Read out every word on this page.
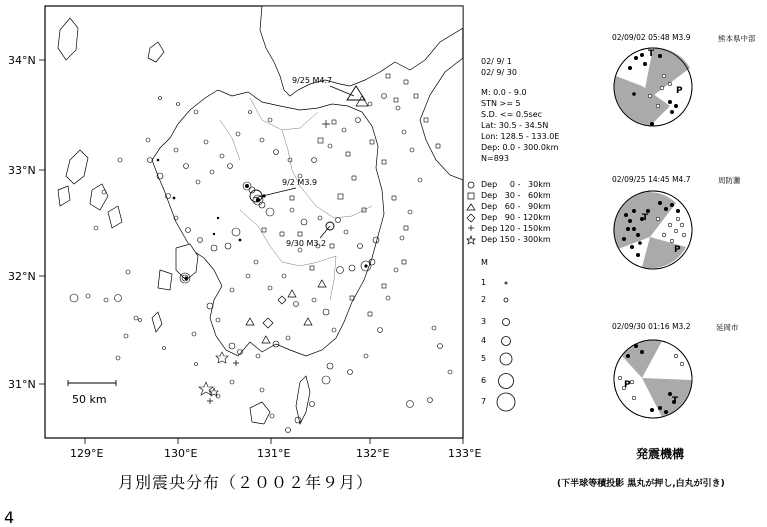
34°N
33°N
32°N
31°N
129°E	130°E	131°E	132°E	133°E
50 km
9/25 M4.7
9/2 M3.9
9/30 M3.2
02/ 9/ 1
02/ 9/ 30
M: 0.0 - 9.0
STN >= 5
S.D. <= 0.5sec
Lat: 30.5 - 34.5N
Lon: 128.5 - 133.0E
Dep: 0.0 - 300.0km
N=893
Dep     0 -   30km
Dep   30 -   60km
Dep   60 -   90km
Dep   90 - 120km
Dep 120 - 150km
Dep 150 - 300km
M
1
2
3
4
5
6
7
02/09/02 05:48 M3.9	熊本県中部
T
P
02/09/25 14:45 M4.7	周防灘
T
P
02/09/30 01:16 M3.2	延岡市
T
P
月別震央分布（２００２年９月）
発震機構
(下半球等積投影 黒丸が押し,白丸が引き)
4
